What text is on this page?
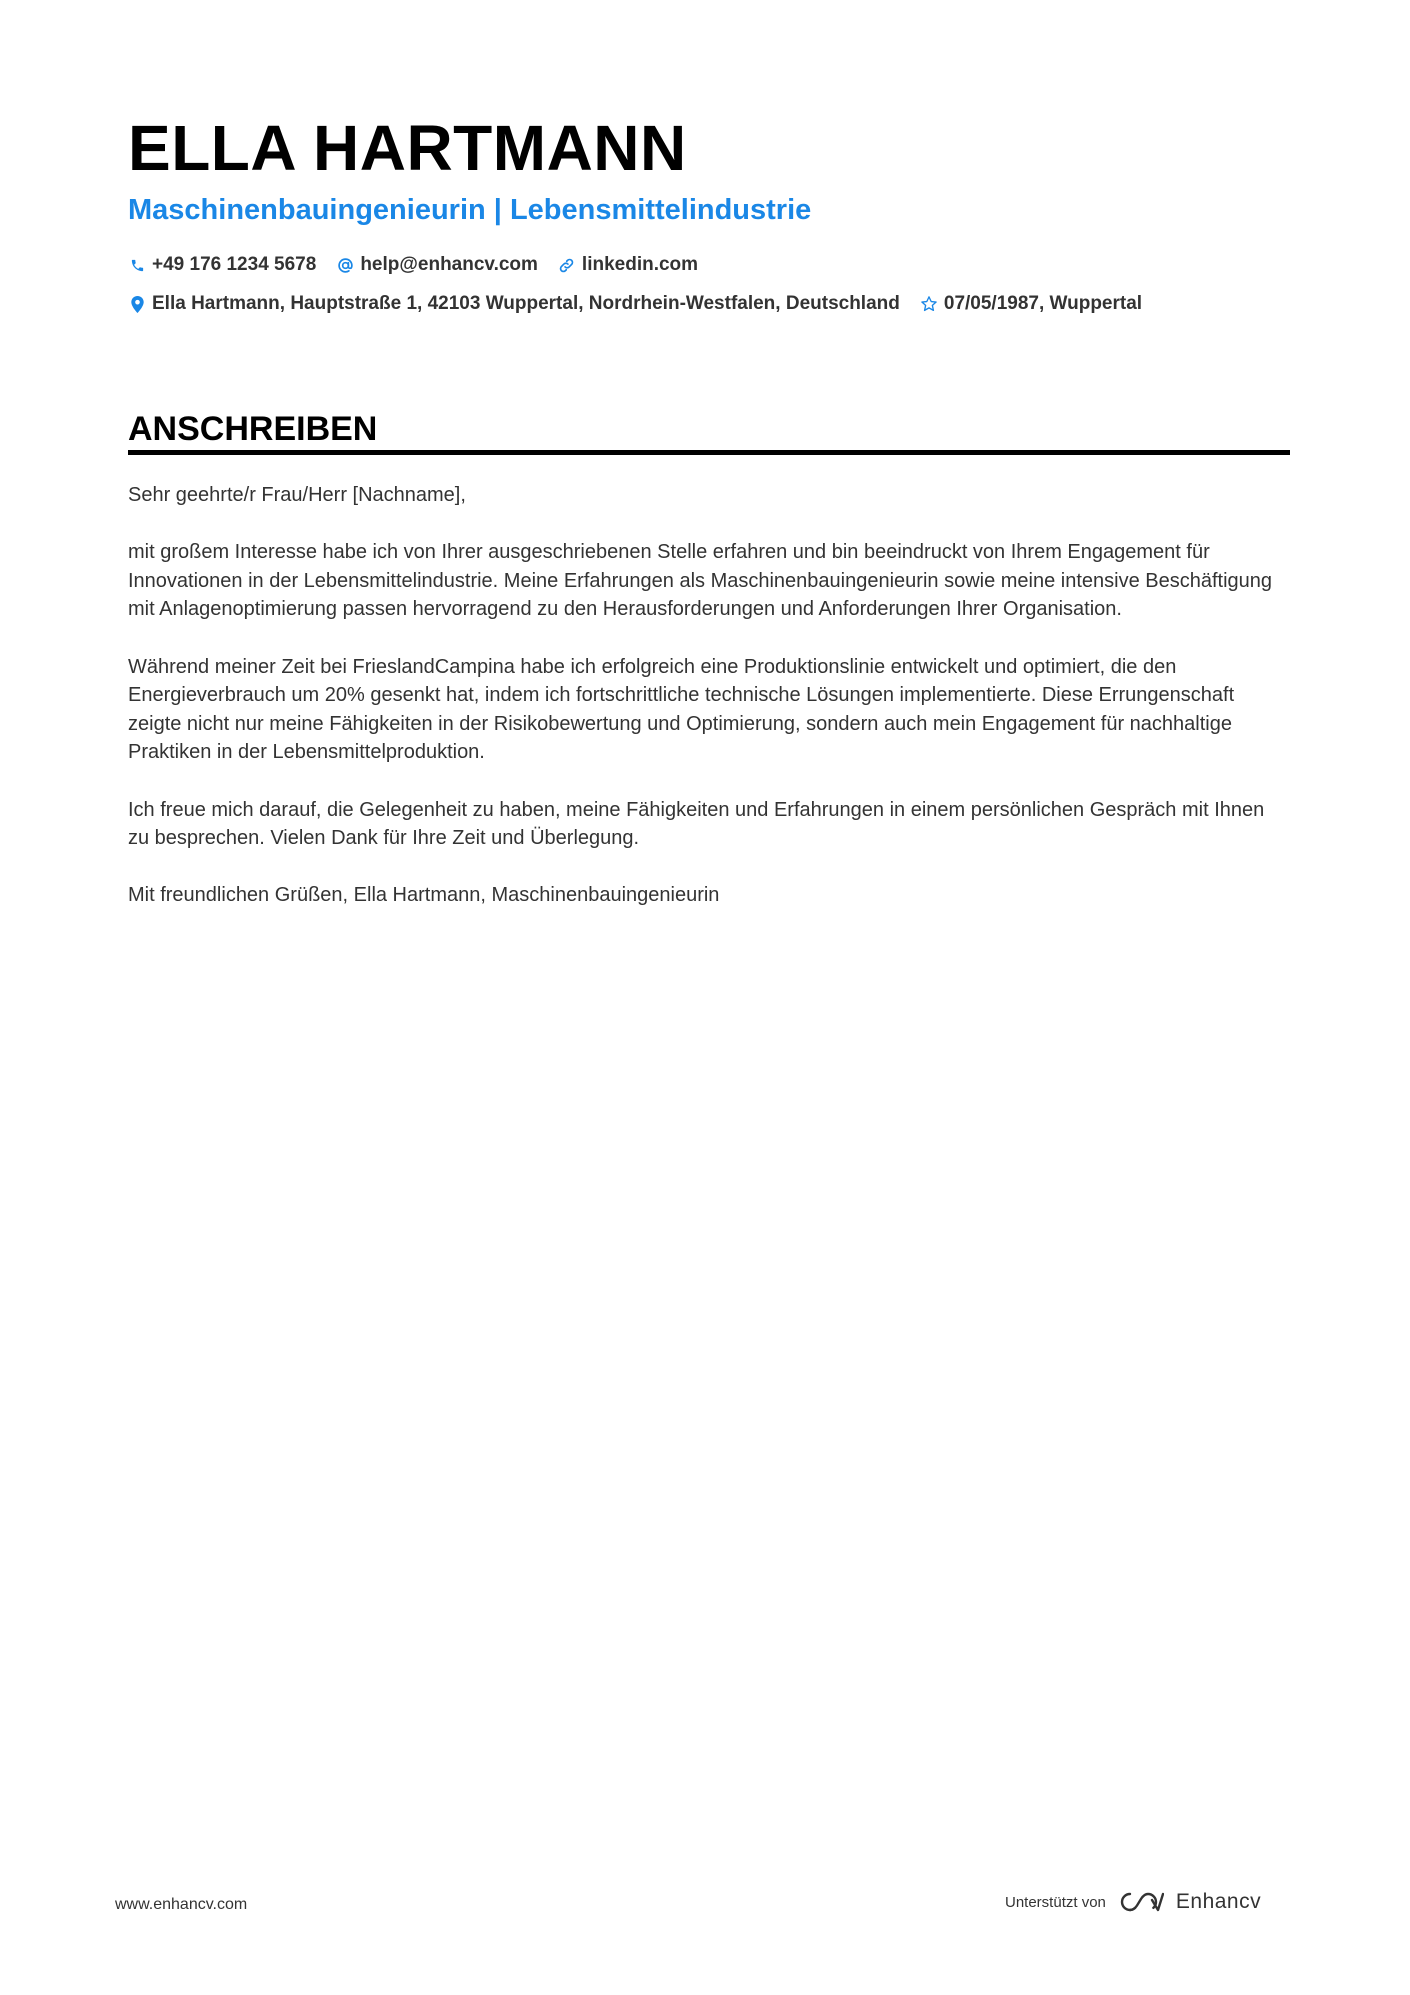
ELLA HARTMANN
Maschinenbauingenieurin | Lebensmittelindustrie
+49 176 1234 5678 help@enhancv.com linkedin.com
Ella Hartmann, Hauptstraße 1, 42103 Wuppertal, Nordrhein-Westfalen, Deutschland 07/05/1987, Wuppertal
ANSCHREIBEN

Sehr geehrte/r Frau/Herr [Nachname],

mit großem Interesse habe ich von Ihrer ausgeschriebenen Stelle erfahren und bin beeindruckt von Ihrem Engagement für Innovationen in der Lebensmittelindustrie. Meine Erfahrungen als Maschinenbauingenieurin sowie meine intensive Beschäftigung mit Anlagenoptimierung passen hervorragend zu den Herausforderungen und Anforderungen Ihrer Organisation.

Während meiner Zeit bei FrieslandCampina habe ich erfolgreich eine Produktionslinie entwickelt und optimiert, die den Energieverbrauch um 20% gesenkt hat, indem ich fortschrittliche technische Lösungen implementierte. Diese Errungenschaft zeigte nicht nur meine Fähigkeiten in der Risikobewertung und Optimierung, sondern auch mein Engagement für nachhaltige Praktiken in der Lebensmittelproduktion.

Ich freue mich darauf, die Gelegenheit zu haben, meine Fähigkeiten und Erfahrungen in einem persönlichen Gespräch mit Ihnen zu besprechen. Vielen Dank für Ihre Zeit und Überlegung.

Mit freundlichen Grüßen, Ella Hartmann, Maschinenbauingenieurin

www.enhancv.com	Unterstützt von	Enhancv
